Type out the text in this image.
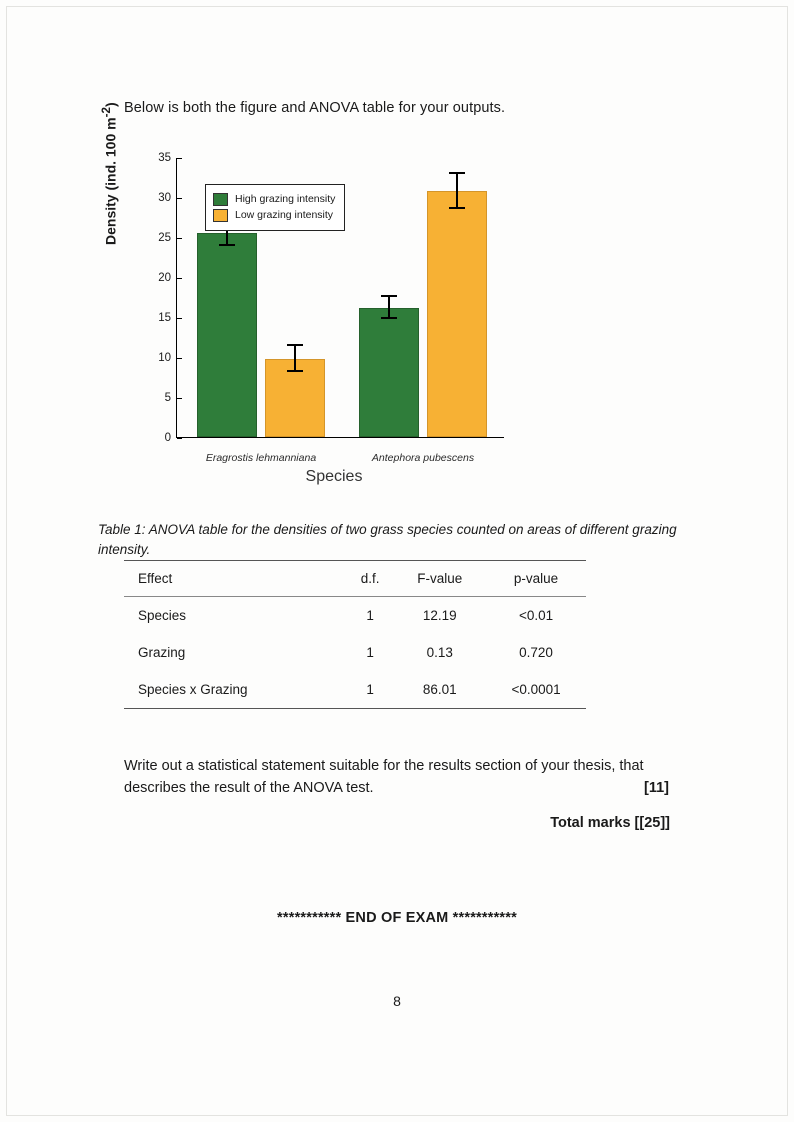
Below is both the figure and ANOVA table for your outputs.
Density (ind. 100 $m^{-2}$)
0
5
10
15
20
25
30
35
High grazing intensity
Low grazing intensity
Eragrostis lehmanniana	Antephora pubescens
Species
Table 1: ANOVA table for the densities of two grass species counted on areas of different grazing intensity.
Effect	d.f.	F-value	p-value
Species	1	12.19	<0.01
Grazing	1	0.13	0.720
Species x Grazing	1	86.01	<0.0001
Write out a statistical statement suitable for the results section of your thesis, that describes the result of the ANOVA test.	[11]
Total marks [[25]]
*********** END OF EXAM ***********
8
